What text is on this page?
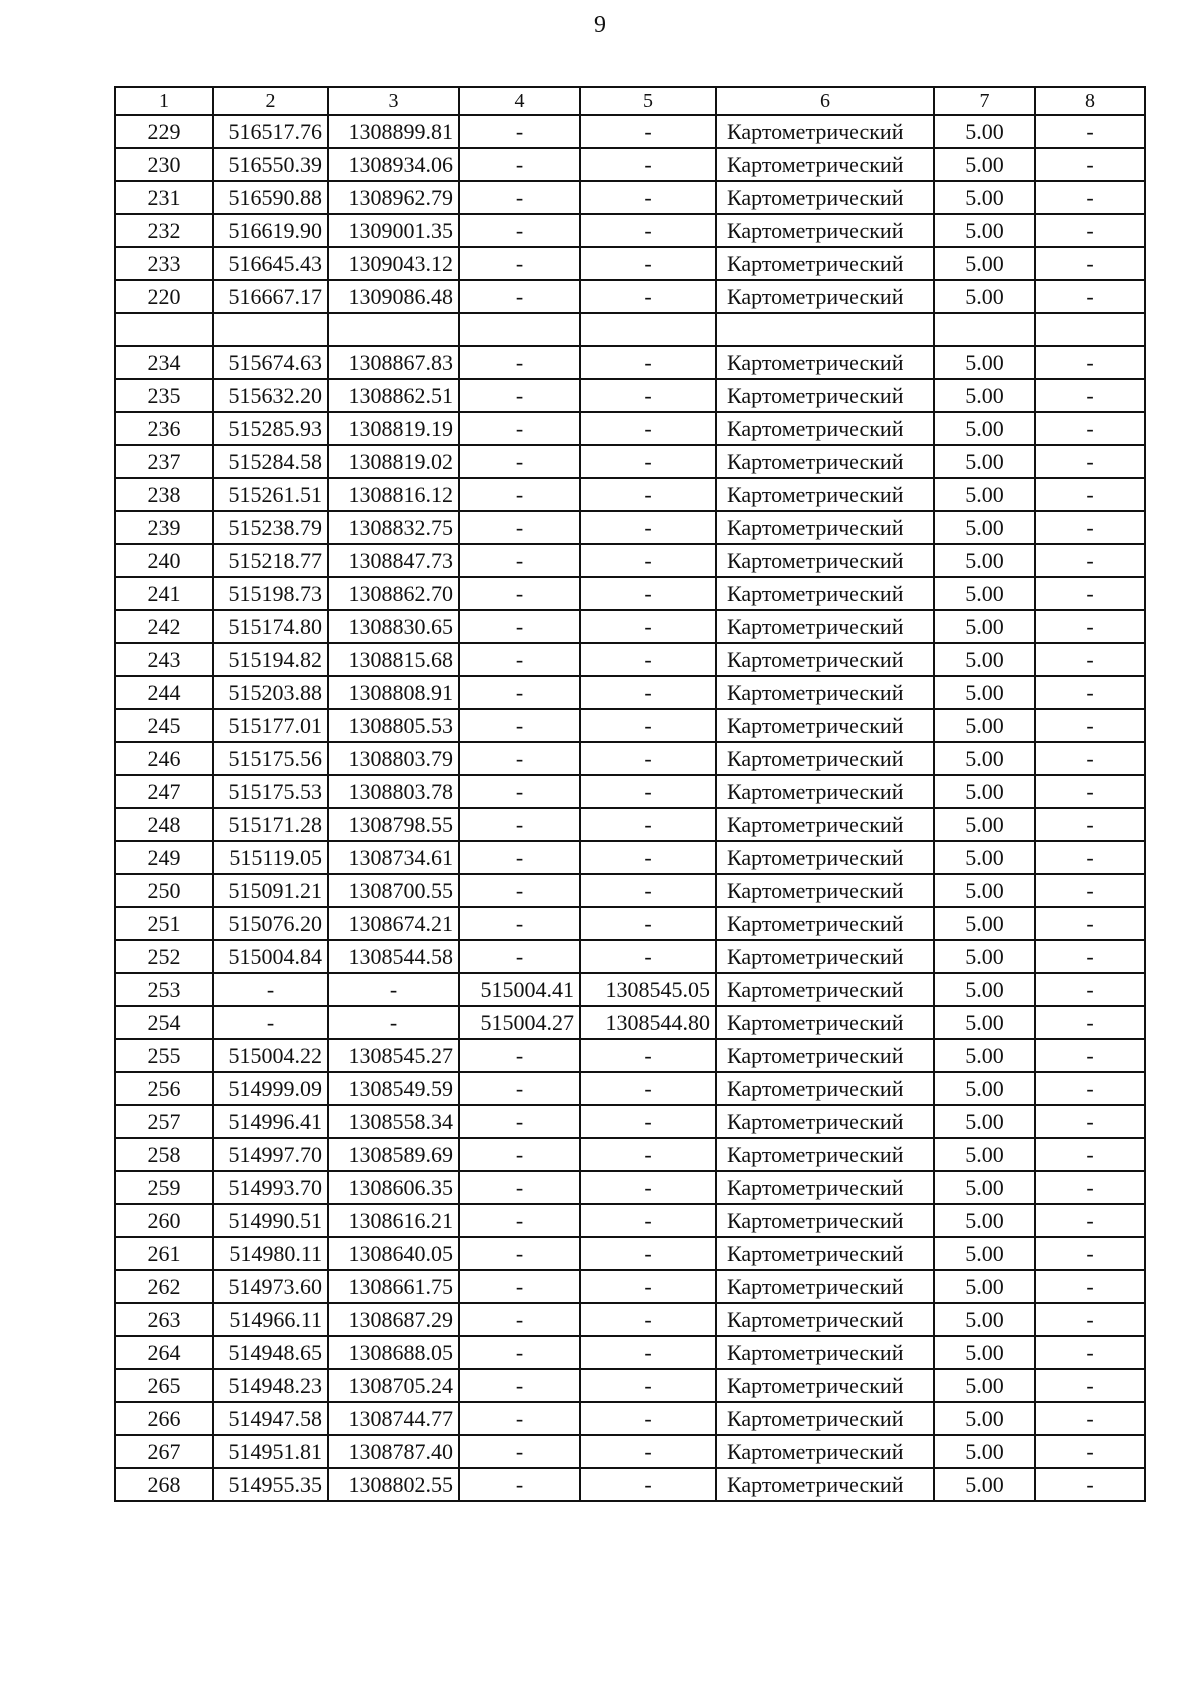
9
1	2	3	4	5	6	7	8
229	516517.76	1308899.81	-	-	Картометрический	5.00	-
230	516550.39	1308934.06	-	-	Картометрический	5.00	-
231	516590.88	1308962.79	-	-	Картометрический	5.00	-
232	516619.90	1309001.35	-	-	Картометрический	5.00	-
233	516645.43	1309043.12	-	-	Картометрический	5.00	-
220	516667.17	1309086.48	-	-	Картометрический	5.00	-

234	515674.63	1308867.83	-	-	Картометрический	5.00	-
235	515632.20	1308862.51	-	-	Картометрический	5.00	-
236	515285.93	1308819.19	-	-	Картометрический	5.00	-
237	515284.58	1308819.02	-	-	Картометрический	5.00	-
238	515261.51	1308816.12	-	-	Картометрический	5.00	-
239	515238.79	1308832.75	-	-	Картометрический	5.00	-
240	515218.77	1308847.73	-	-	Картометрический	5.00	-
241	515198.73	1308862.70	-	-	Картометрический	5.00	-
242	515174.80	1308830.65	-	-	Картометрический	5.00	-
243	515194.82	1308815.68	-	-	Картометрический	5.00	-
244	515203.88	1308808.91	-	-	Картометрический	5.00	-
245	515177.01	1308805.53	-	-	Картометрический	5.00	-
246	515175.56	1308803.79	-	-	Картометрический	5.00	-
247	515175.53	1308803.78	-	-	Картометрический	5.00	-
248	515171.28	1308798.55	-	-	Картометрический	5.00	-
249	515119.05	1308734.61	-	-	Картометрический	5.00	-
250	515091.21	1308700.55	-	-	Картометрический	5.00	-
251	515076.20	1308674.21	-	-	Картометрический	5.00	-
252	515004.84	1308544.58	-	-	Картометрический	5.00	-
253	-	-	515004.41	1308545.05	Картометрический	5.00	-
254	-	-	515004.27	1308544.80	Картометрический	5.00	-
255	515004.22	1308545.27	-	-	Картометрический	5.00	-
256	514999.09	1308549.59	-	-	Картометрический	5.00	-
257	514996.41	1308558.34	-	-	Картометрический	5.00	-
258	514997.70	1308589.69	-	-	Картометрический	5.00	-
259	514993.70	1308606.35	-	-	Картометрический	5.00	-
260	514990.51	1308616.21	-	-	Картометрический	5.00	-
261	514980.11	1308640.05	-	-	Картометрический	5.00	-
262	514973.60	1308661.75	-	-	Картометрический	5.00	-
263	514966.11	1308687.29	-	-	Картометрический	5.00	-
264	514948.65	1308688.05	-	-	Картометрический	5.00	-
265	514948.23	1308705.24	-	-	Картометрический	5.00	-
266	514947.58	1308744.77	-	-	Картометрический	5.00	-
267	514951.81	1308787.40	-	-	Картометрический	5.00	-
268	514955.35	1308802.55	-	-	Картометрический	5.00	-
